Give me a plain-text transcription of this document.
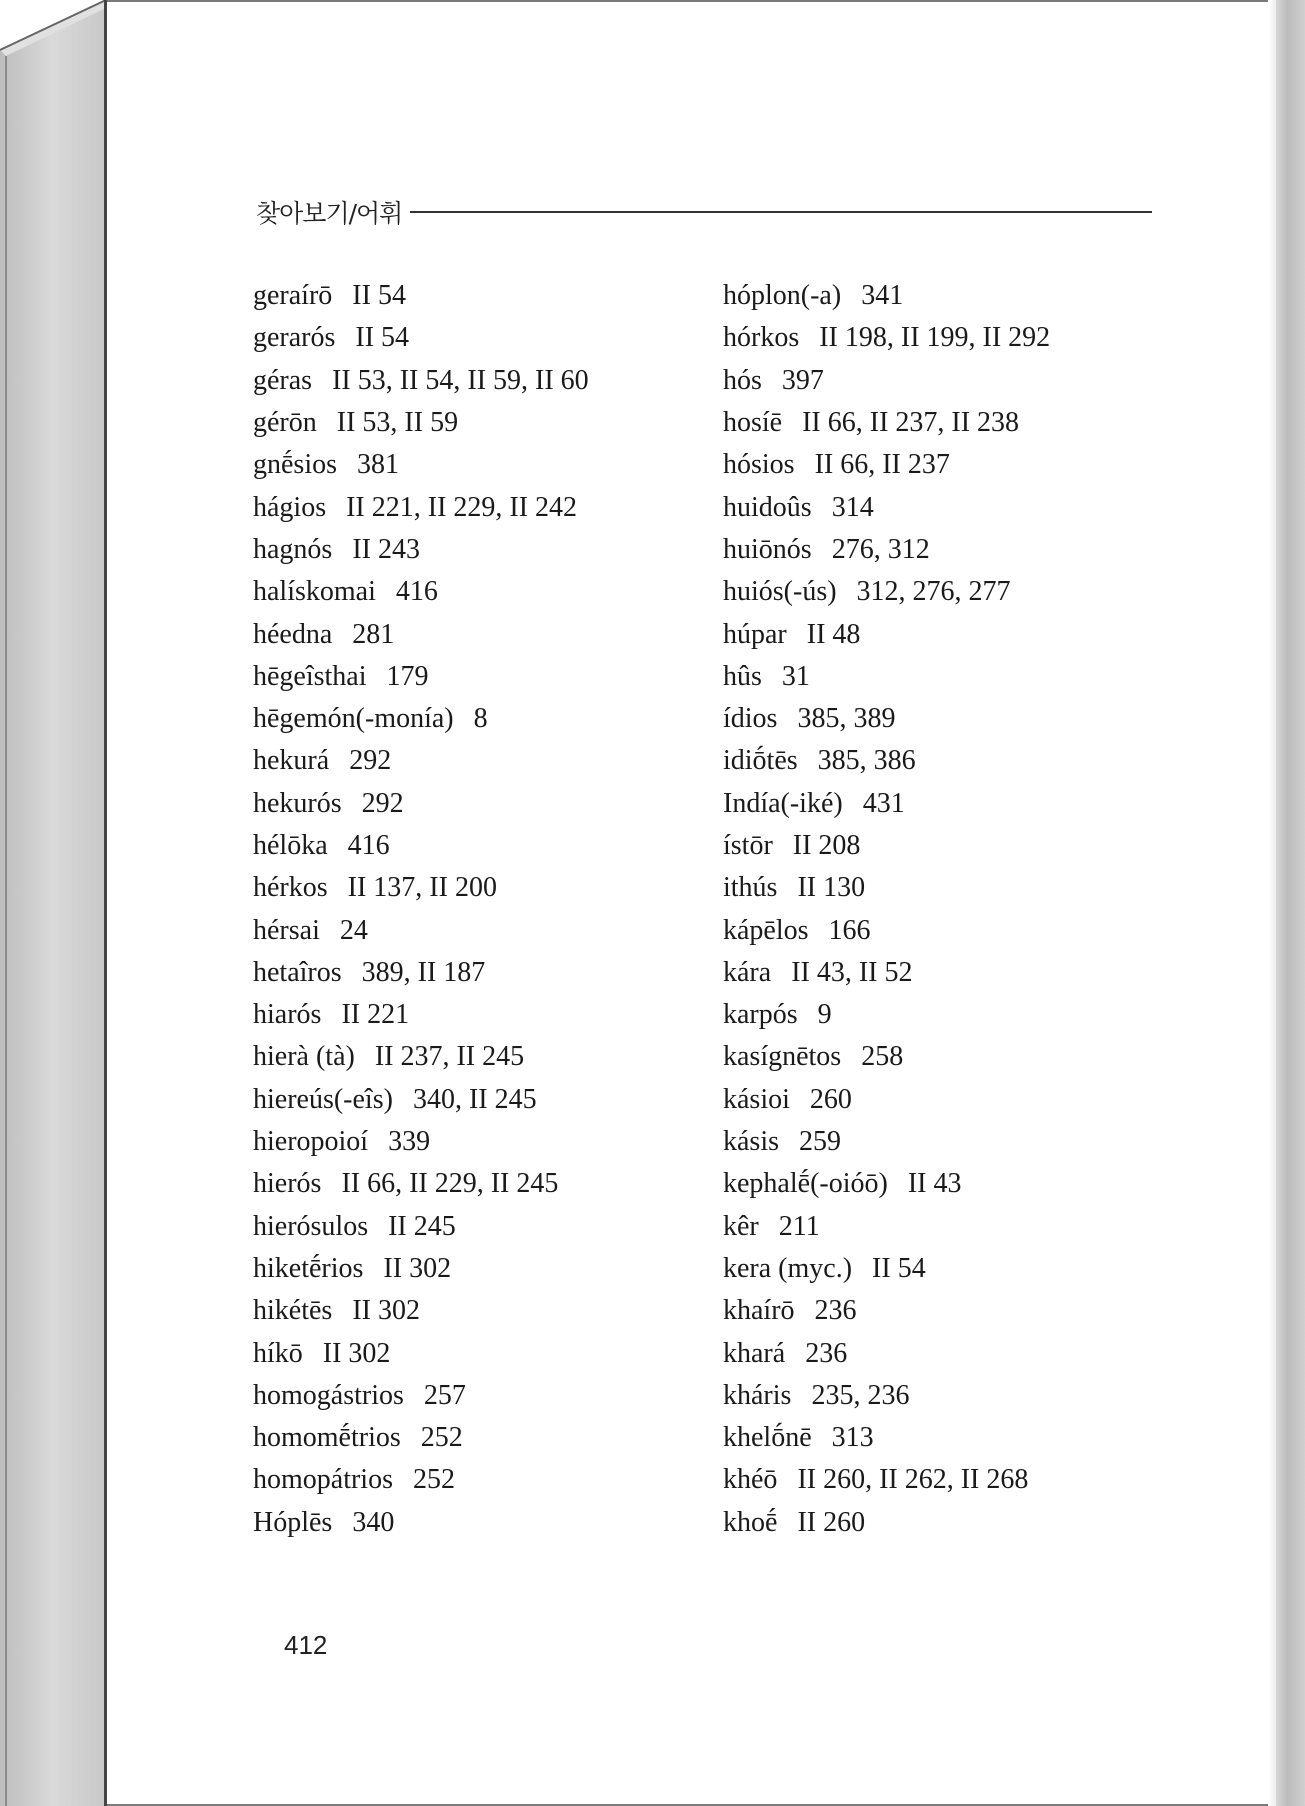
찾아보기/어휘
geraírō II 54
gerarós II 54
géras II 53, II 54, II 59, II 60
gérōn II 53, II 59
gnḗsios 381
hágios II 221, II 229, II 242
hagnós II 243
halískomai 416
héedna 281
hēgeîsthai 179
hēgemón(-monía) 8
hekurá 292
hekurós 292
hélōka 416
hérkos II 137, II 200
hérsai 24
hetaîros 389, II 187
hiarós II 221
hierà (tà) II 237, II 245
hiereús(-eîs) 340, II 245
hieropoioí 339
hierós II 66, II 229, II 245
hierósulos II 245
hiketḗrios II 302
hikétēs II 302
híkō II 302
homogástrios 257
homomḗtrios 252
homopátrios 252
Hóplēs 340
hóplon(-a) 341
hórkos II 198, II 199, II 292
hós 397
hosíē II 66, II 237, II 238
hósios II 66, II 237
huidoûs 314
huiōnós 276, 312
huiós(-ús) 312, 276, 277
húpar II 48
hûs 31
ídios 385, 389
idiṓtēs 385, 386
Indía(-iké) 431
ístōr II 208
ithús II 130
kápēlos 166
kára II 43, II 52
karpós 9
kasígnētos 258
kásioi 260
kásis 259
kephalḗ(-oióō) II 43
kêr 211
kera (myc.) II 54
khaírō 236
khará 236
kháris 235, 236
khelṓnē 313
khéō II 260, II 262, II 268
khoḗ II 260
412
